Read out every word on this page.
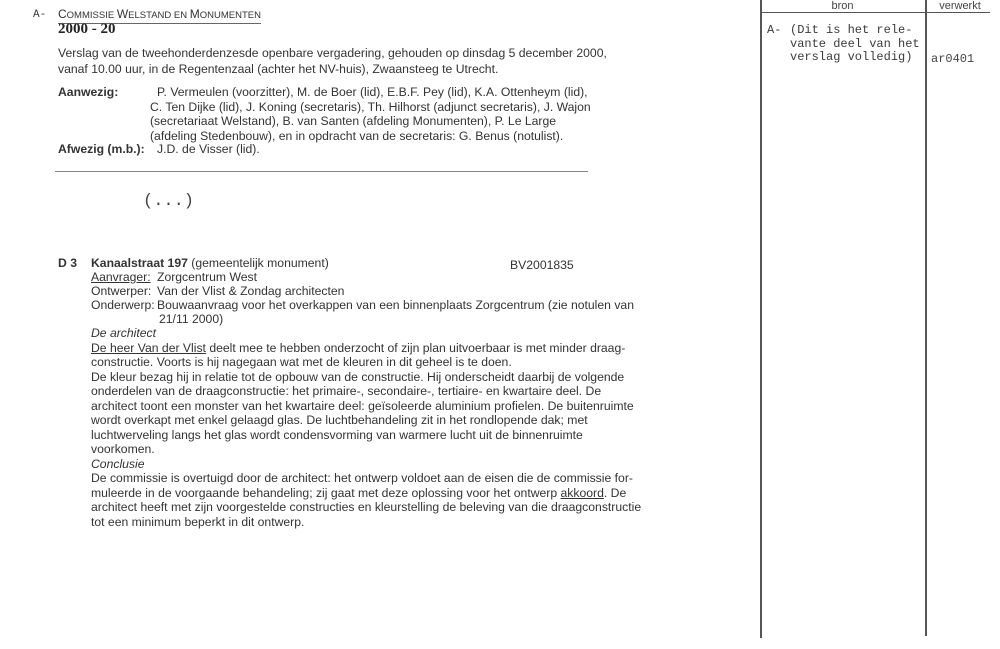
A- COMMISSIE WELSTAND EN MONUMENTEN
2000 - 20
Verslag van de tweehonderdenzesde openbare vergadering, gehouden op dinsdag 5 december 2000,
vanaf 10.00 uur, in de Regentenzaal (achter het NV-huis), Zwaansteeg te Utrecht.
Aanwezig:	P. Vermeulen (voorzitter), M. de Boer (lid), E.B.F. Pey (lid), K.A. Ottenheym (lid),
C. Ten Dijke (lid), J. Koning (secretaris), Th. Hilhorst (adjunct secretaris), J. Wajon
(secretariaat Welstand), B. van Santen (afdeling Monumenten), P. Le Large
(afdeling Stedenbouw), en in opdracht van de secretaris: G. Benus (notulist).
Afwezig (m.b.): J.D. de Visser (lid).
(...)
D 3 Kanaalstraat 197 (gemeentelijk monument)	BV2001835
Aanvrager: Zorgcentrum West
Ontwerper: Van der Vlist & Zondag architecten
Onderwerp: Bouwaanvraag voor het overkappen van een binnenplaats Zorgcentrum (zie notulen van
21/11 2000)
De architect
De heer Van der Vlist deelt mee te hebben onderzocht of zijn plan uitvoerbaar is met minder draag-
constructie. Voorts is hij nagegaan wat met de kleuren in dit geheel is te doen.
De kleur bezag hij in relatie tot de opbouw van de constructie. Hij onderscheidt daarbij de volgende
onderdelen van de draagconstructie: het primaire-, secondaire-, tertiaire- en kwartaire deel. De
architect toont een monster van het kwartaire deel: geïsoleerde aluminium profielen. De buitenruimte
wordt overkapt met enkel gelaagd glas. De luchtbehandeling zit in het rondlopende dak; met
luchtwerveling langs het glas wordt condensvorming van warmere lucht uit de binnenruimte
voorkomen.
Conclusie
De commissie is overtuigd door de architect: het ontwerp voldoet aan de eisen die de commissie for-
muleerde in de voorgaande behandeling; zij gaat met deze oplossing voor het ontwerp akkoord. De
architect heeft met zijn voorgestelde constructies en kleurstelling de beleving van die draagconstructie
tot een minimum beperkt in dit ontwerp.
bron	verwerkt
A- (Dit is het rele-
vante deel van het
verslag volledig)	ar0401
